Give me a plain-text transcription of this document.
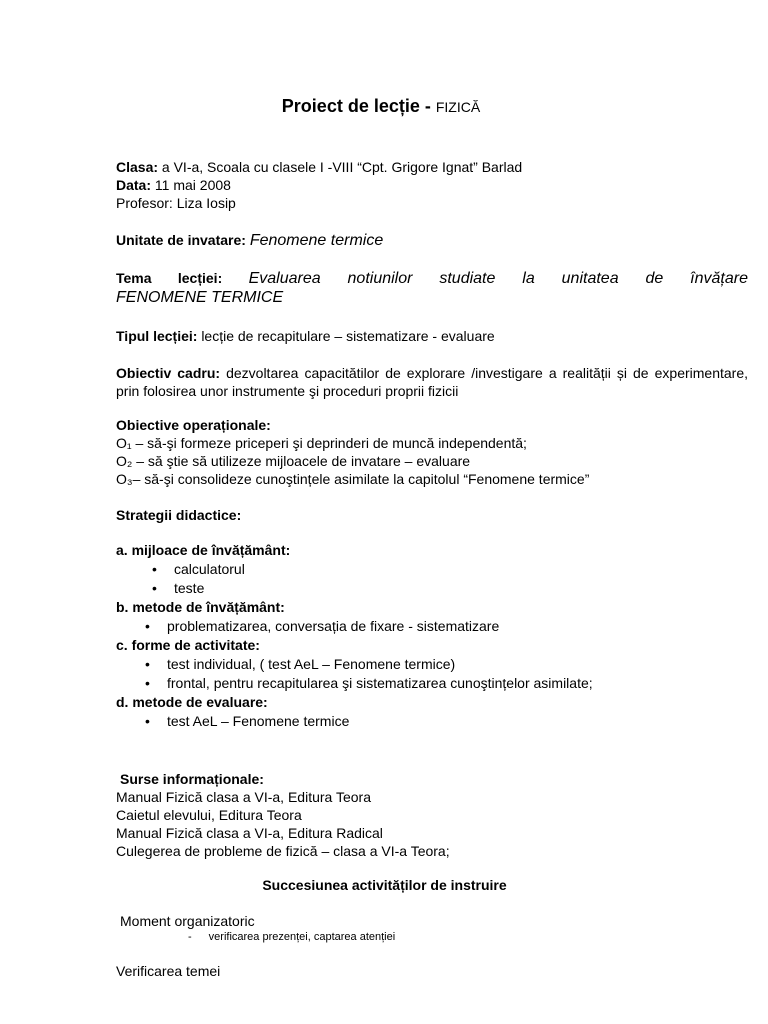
Proiect de lecție - FIZICĂ
Clasa: a VI-a, Scoala cu clasele I -VIII “Cpt. Grigore Ignat” Barlad
Data: 11 mai 2008
Profesor: Liza Iosip
Unitate de invatare: Fenomene termice
Tema lecției: Evaluarea notiunilor studiate la unitatea de învățare
FENOMENE TERMICE
Tipul lecției: lecție de recapitulare – sistematizare - evaluare
Obiectiv cadru: dezvoltarea capacitătilor de explorare /investigare a realității și de experimentare, prin folosirea unor instrumente şi proceduri proprii fizicii
Obiective operaționale:
O₁ – să-şi formeze priceperi şi deprinderi de muncă independentă;
O₂ – să ştie să utilizeze mijloacele de invatare – evaluare
O₃– să-şi consolideze cunoştințele asimilate la capitolul “Fenomene termice”
Strategii didactice:
a. mijloace de învățământ:
• calculatorul
• teste
b. metode de învățământ:
• problematizarea, conversația de fixare - sistematizare
c. forme de activitate:
• test individual, ( test AeL – Fenomene termice)
• frontal, pentru recapitularea şi sistematizarea cunoştințelor asimilate;
d. metode de evaluare:
• test AeL – Fenomene termice
Surse informaționale:
Manual Fizică clasa a VI-a, Editura Teora
Caietul elevului, Editura Teora
Manual Fizică clasa a VI-a, Editura Radical
Culegerea de probleme de fizică – clasa a VI-a Teora;
Succesiunea activităților de instruire
Moment organizatoric
- verificarea prezenței, captarea atenției
Verificarea temei
